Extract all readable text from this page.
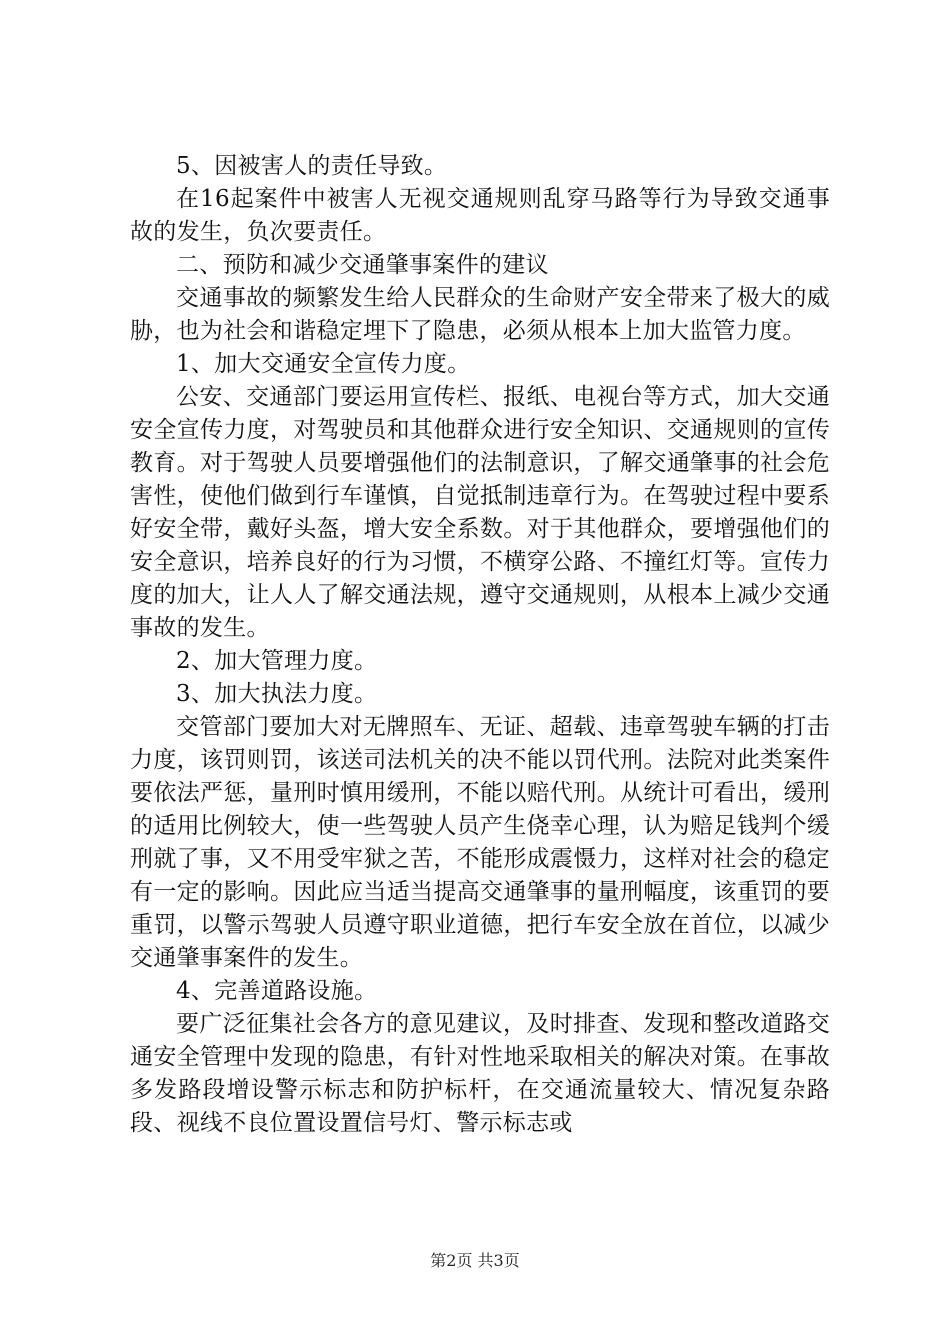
5、因被害人的责任导致。

在16起案件中被害人无视交通规则乱穿马路等行为导致交通事故的发生，负次要责任。

二、预防和减少交通肇事案件的建议

交通事故的频繁发生给人民群众的生命财产安全带来了极大的威胁，也为社会和谐稳定埋下了隐患，必须从根本上加大监管力度。

1、加大交通安全宣传力度。

公安、交通部门要运用宣传栏、报纸、电视台等方式，加大交通安全宣传力度，对驾驶员和其他群众进行安全知识、交通规则的宣传教育。对于驾驶人员要增强他们的法制意识，了解交通肇事的社会危害性，使他们做到行车谨慎，自觉抵制违章行为。在驾驶过程中要系好安全带，戴好头盔，增大安全系数。对于其他群众，要增强他们的安全意识，培养良好的行为习惯，不横穿公路、不撞红灯等。宣传力度的加大，让人人了解交通法规，遵守交通规则，从根本上减少交通事故的发生。

2、加大管理力度。

3、加大执法力度。

交管部门要加大对无牌照车、无证、超载、违章驾驶车辆的打击力度，该罚则罚，该送司法机关的决不能以罚代刑。法院对此类案件要依法严惩，量刑时慎用缓刑，不能以赔代刑。从统计可看出，缓刑的适用比例较大，使一些驾驶人员产生侥幸心理，认为赔足钱判个缓刑就了事，又不用受牢狱之苦，不能形成震慑力，这样对社会的稳定有一定的影响。因此应当适当提高交通肇事的量刑幅度，该重罚的要重罚，以警示驾驶人员遵守职业道德，把行车安全放在首位，以减少交通肇事案件的发生。

4、完善道路设施。

要广泛征集社会各方的意见建议，及时排查、发现和整改道路交通安全管理中发现的隐患，有针对性地采取相关的解决对策。在事故多发路段增设警示标志和防护标杆，在交通流量较大、情况复杂路段、视线不良位置设置信号灯、警示标志或

第2页 共3页
